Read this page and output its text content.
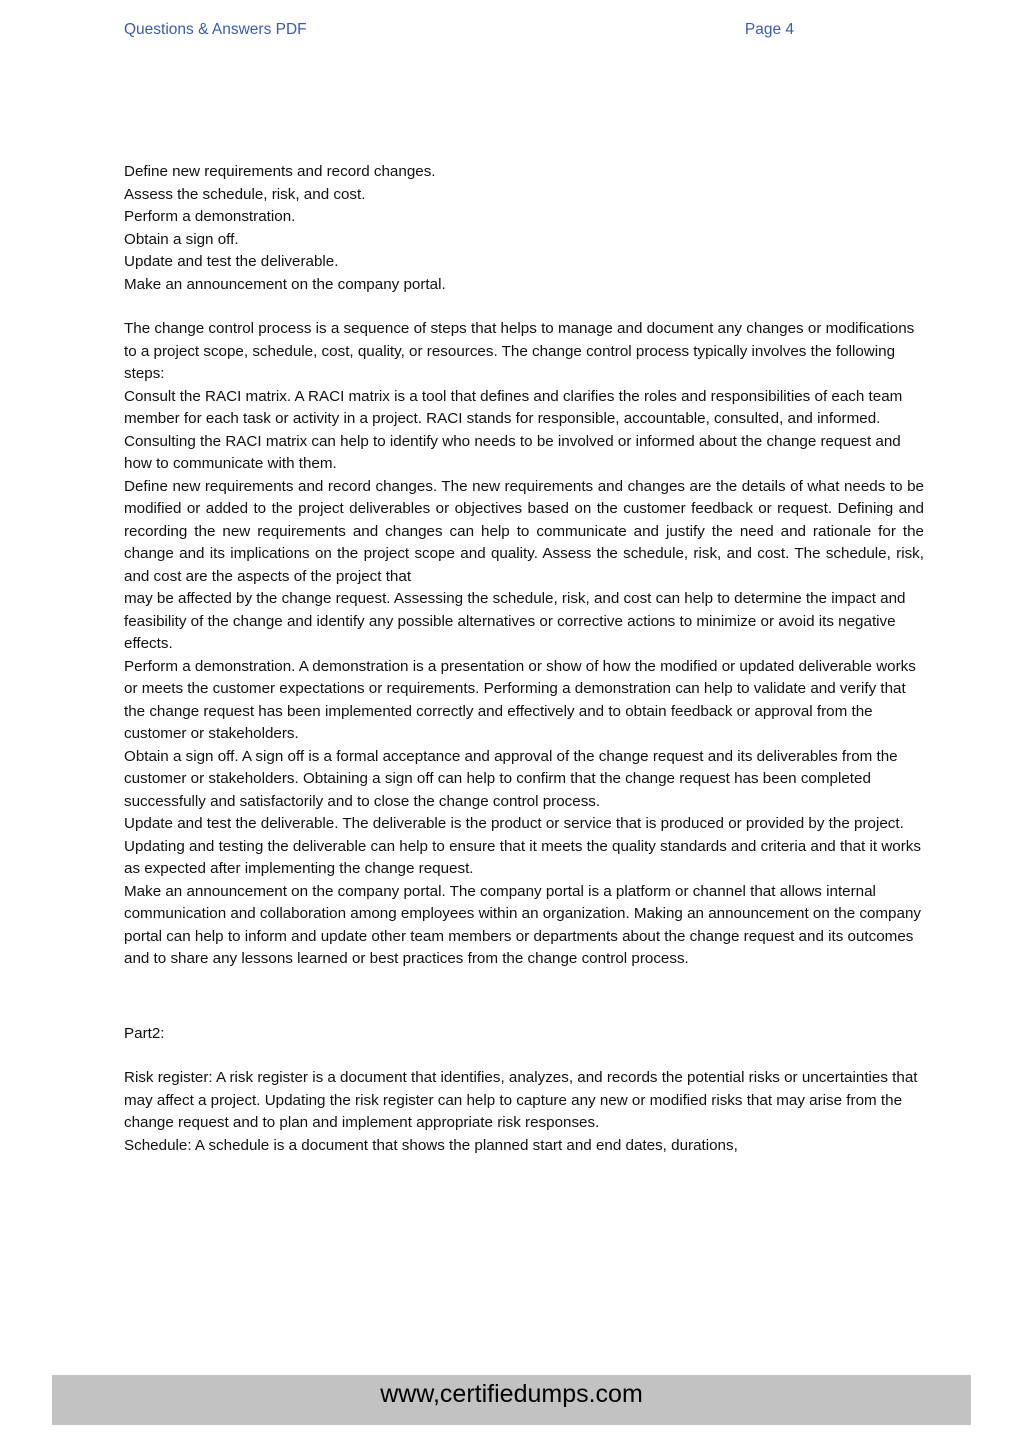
Questions & Answers PDF	Page 4

Define new requirements and record changes.

Assess the schedule, risk, and cost.

Perform a demonstration.

Obtain a sign off.

Update and test the deliverable.

Make an announcement on the company portal.

The change control process is a sequence of steps that helps to manage and document any changes or modifications to a project scope, schedule, cost, quality, or resources. The change control process typically involves the following steps:

Consult the RACI matrix. A RACI matrix is a tool that defines and clarifies the roles and responsibilities of each team member for each task or activity in a project. RACI stands for responsible, accountable, consulted, and informed. Consulting the RACI matrix can help to identify who needs to be involved or informed about the change request and how to communicate with them.

Define new requirements and record changes. The new requirements and changes are the details of what needs to be modified or added to the project deliverables or objectives based on the customer feedback or request. Defining and recording the new requirements and changes can help to communicate and justify the need and rationale for the change and its implications on the project scope and quality. Assess the schedule, risk, and cost. The schedule, risk, and cost are the aspects of the project that

may be affected by the change request. Assessing the schedule, risk, and cost can help to determine the impact and feasibility of the change and identify any possible alternatives or corrective actions to minimize or avoid its negative effects.

Perform a demonstration. A demonstration is a presentation or show of how the modified or updated deliverable works or meets the customer expectations or requirements. Performing a demonstration can help to validate and verify that the change request has been implemented correctly and effectively and to obtain feedback or approval from the customer or stakeholders.

Obtain a sign off. A sign off is a formal acceptance and approval of the change request and its deliverables from the customer or stakeholders. Obtaining a sign off can help to confirm that the change request has been completed successfully and satisfactorily and to close the change control process.

Update and test the deliverable. The deliverable is the product or service that is produced or provided by the project. Updating and testing the deliverable can help to ensure that it meets the quality standards and criteria and that it works as expected after implementing the change request.

Make an announcement on the company portal. The company portal is a platform or channel that allows internal communication and collaboration among employees within an organization. Making an announcement on the company portal can help to inform and update other team members or departments about the change request and its outcomes and to share any lessons learned or best practices from the change control process.

Part2:

Risk register: A risk register is a document that identifies, analyzes, and records the potential risks or uncertainties that may affect a project. Updating the risk register can help to capture any new or modified risks that may arise from the change request and to plan and implement appropriate risk responses.

Schedule: A schedule is a document that shows the planned start and end dates, durations,

www,certifiedumps.com
